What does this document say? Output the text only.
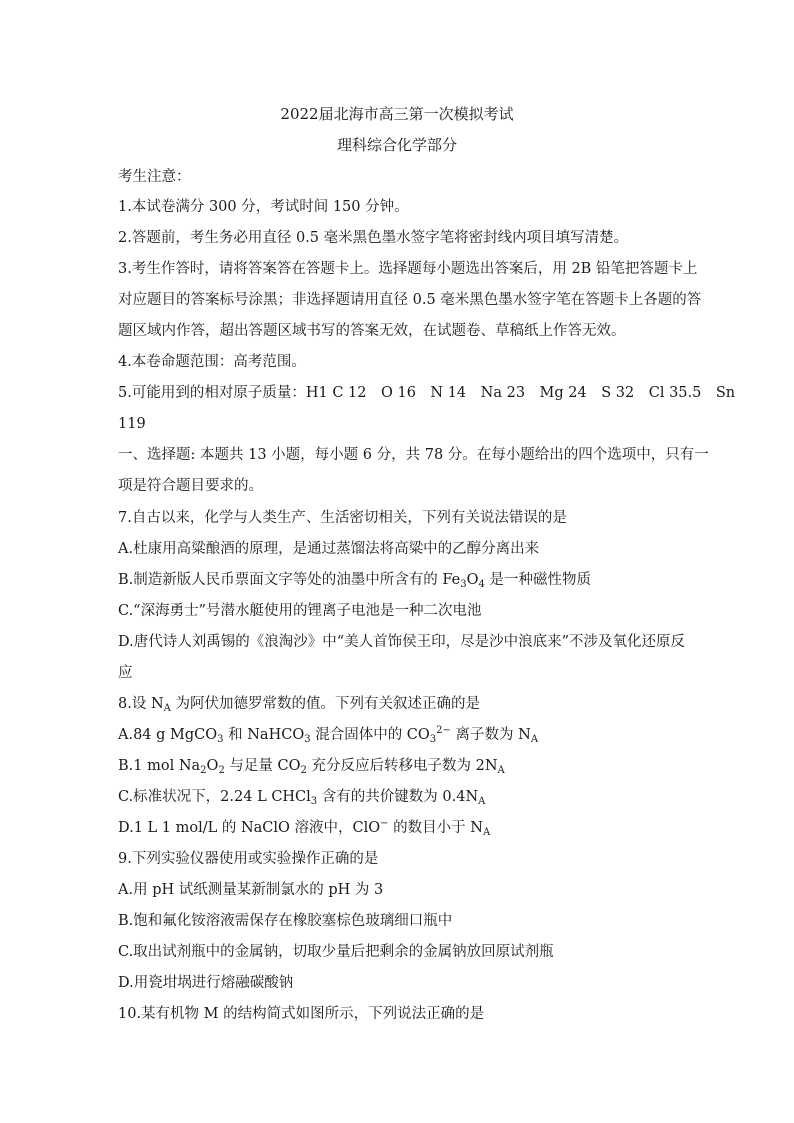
2022届北海市高三第一次模拟考试
理科综合化学部分
考生注意：
1.本试卷满分 300 分，考试时间 150 分钟。
2.答题前，考生务必用直径 0.5 毫米黑色墨水签字笔将密封线内项目填写清楚。
3.考生作答时，请将答案答在答题卡上。选择题每小题选出答案后，用 2B 铅笔把答题卡上
对应题目的答案标号涂黑；非选择题请用直径 0.5 毫米黑色墨水签字笔在答题卡上各题的答
题区域内作答，超出答题区域书写的答案无效，在试题卷、草稿纸上作答无效。
4.本卷命题范围：高考范围。
5.可能用到的相对原子质量：H1 C 12　O 16　N 14　Na 23　Mg 24　S 32　Cl 35.5　Sn
119
一、选择题: 本题共 13 小题，每小题 6 分，共 78 分。在每小题给出的四个选项中，只有一
项是符合题目要求的。
7.自古以来，化学与人类生产、生活密切相关，下列有关说法错误的是
A.杜康用高粱酿酒的原理，是通过蒸馏法将高粱中的乙醇分离出来
B.制造新版人民币票面文字等处的油墨中所含有的 $Fe_3O_4$ 是一种磁性物质
C.“深海勇士”号潜水艇使用的锂离子电池是一种二次电池
D.唐代诗人刘禹锡的《浪淘沙》中“美人首饰侯王印，尽是沙中浪底来”不涉及氧化还原反
应
8.设 $N_A$ 为阿伏加德罗常数的值。下列有关叙述正确的是
A.84 g MgCO$_3$ 和 NaHCO$_3$ 混合固体中的 $CO_3^{2-}$ 离子数为 $N_A$
B.1 mol $Na_2O_2$ 与足量 $CO_2$ 充分反应后转移电子数为 $2N_A$
C.标准状况下，2.24 L CHCl$_3$ 含有的共价键数为 $0.4N_A$
D.1 L 1 mol/L 的 NaClO 溶液中，ClO− 的数目小于 $N_A$
9.下列实验仪器使用或实验操作正确的是
A.用 pH 试纸测量某新制氯水的 pH 为 3
B.饱和氟化铵溶液需保存在橡胶塞棕色玻璃细口瓶中
C.取出试剂瓶中的金属钠，切取少量后把剩余的金属钠放回原试剂瓶
D.用瓷坩埚进行熔融碳酸钠
10.某有机物 M 的结构简式如图所示，下列说法正确的是
